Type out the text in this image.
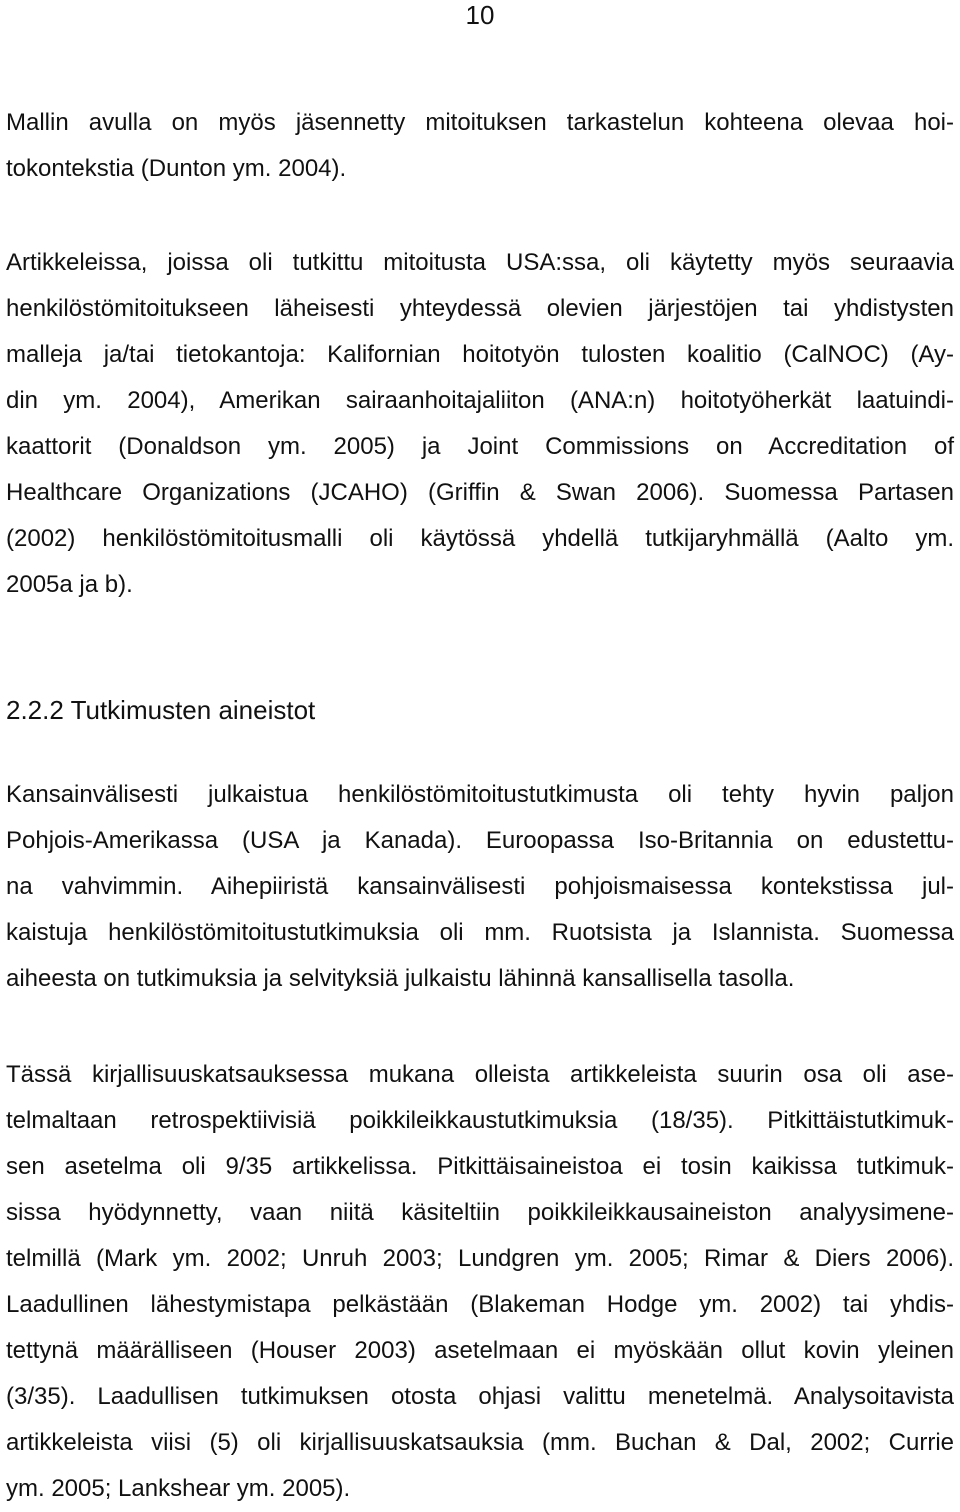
10
Mallin avulla on myös jäsennetty mitoituksen tarkastelun kohteena olevaa hoi-
tokontekstia (Dunton ym. 2004).
Artikkeleissa, joissa oli tutkittu mitoitusta USA:ssa, oli käytetty myös seuraavia
henkilöstömitoitukseen läheisesti yhteydessä olevien järjestöjen tai yhdistysten
malleja ja/tai tietokantoja: Kalifornian hoitotyön tulosten koalitio (CalNOC) (Ay-
din ym. 2004), Amerikan sairaanhoitajaliiton (ANA:n) hoitotyöherkät laatuindi-
kaattorit (Donaldson ym. 2005) ja Joint Commissions on Accreditation of
Healthcare Organizations (JCAHO) (Griffin & Swan 2006). Suomessa Partasen
(2002) henkilöstömitoitusmalli oli käytössä yhdellä tutkijaryhmällä (Aalto ym.
2005a ja b).
2.2.2 Tutkimusten aineistot
Kansainvälisesti julkaistua henkilöstömitoitustutkimusta oli tehty hyvin paljon
Pohjois-Amerikassa (USA ja Kanada). Euroopassa Iso-Britannia on edustettu-
na vahvimmin. Aihepiiristä kansainvälisesti pohjoismaisessa kontekstissa jul-
kaistuja henkilöstömitoitustutkimuksia oli mm. Ruotsista ja Islannista. Suomessa
aiheesta on tutkimuksia ja selvityksiä julkaistu lähinnä kansallisella tasolla.
Tässä kirjallisuuskatsauksessa mukana olleista artikkeleista suurin osa oli ase-
telmaltaan retrospektiivisiä poikkileikkaustutkimuksia (18/35). Pitkittäistutkimuk-
sen asetelma oli 9/35 artikkelissa. Pitkittäisaineistoa ei tosin kaikissa tutkimuk-
sissa hyödynnetty, vaan niitä käsiteltiin poikkileikkausaineiston analyysimene-
telmillä (Mark ym. 2002; Unruh 2003; Lundgren ym. 2005; Rimar & Diers 2006).
Laadullinen lähestymistapa pelkästään (Blakeman Hodge ym. 2002) tai yhdis-
tettynä määrälliseen (Houser 2003) asetelmaan ei myöskään ollut kovin yleinen
(3/35). Laadullisen tutkimuksen otosta ohjasi valittu menetelmä. Analysoitavista
artikkeleista viisi (5) oli kirjallisuuskatsauksia (mm. Buchan & Dal, 2002; Currie
ym. 2005; Lankshear ym. 2005).
